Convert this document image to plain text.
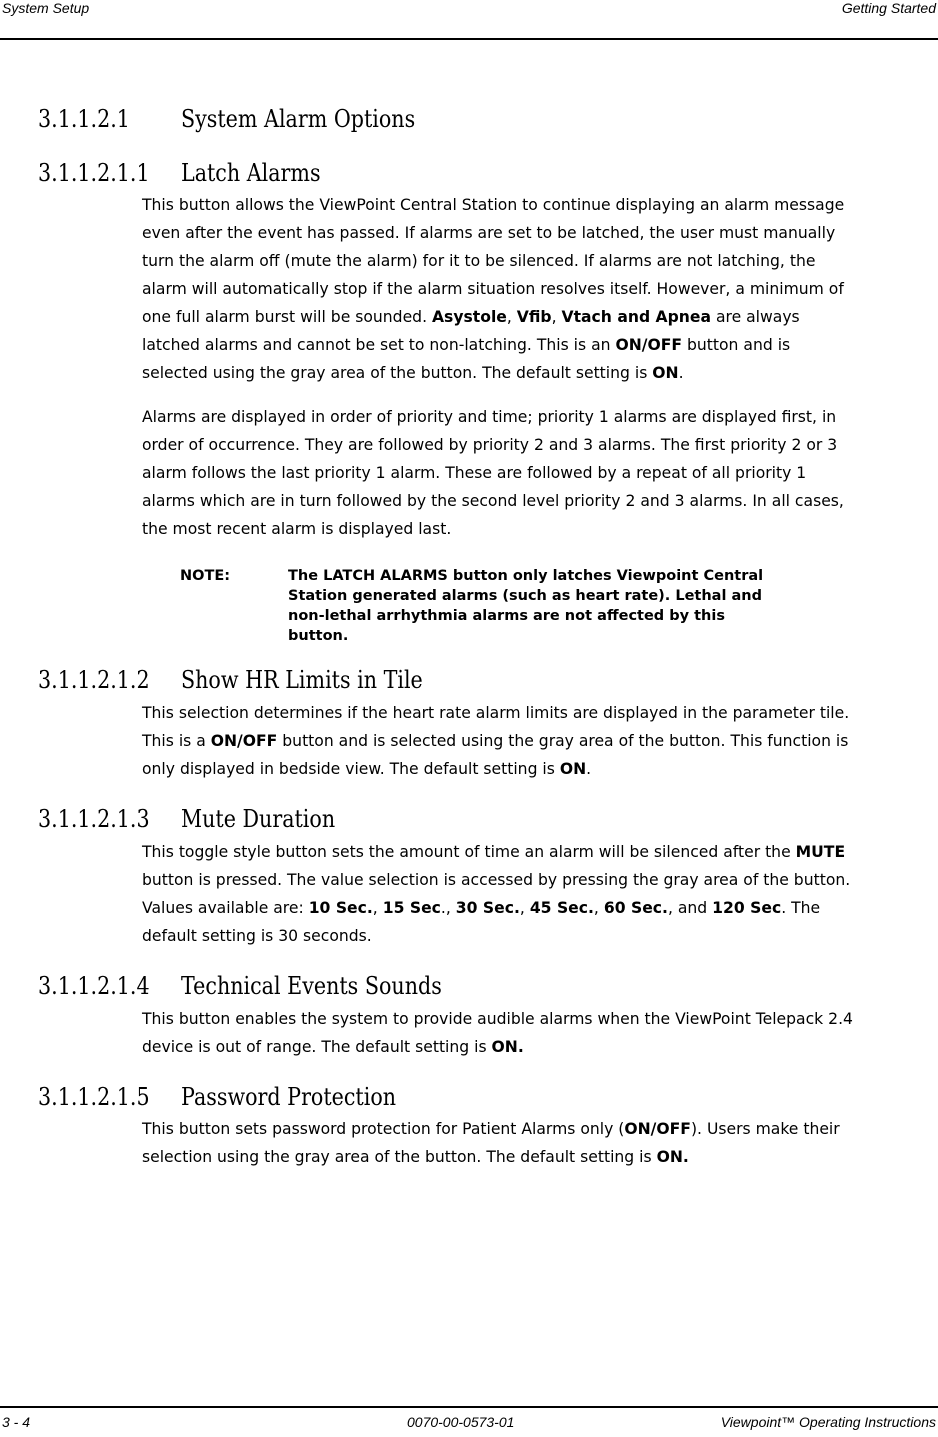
System Setup	Getting Started
3.1.1.2.1 System Alarm Options
3.1.1.2.1.1 Latch Alarms

This button allows the ViewPoint Central Station to continue displaying an alarm message even after the event has passed. If alarms are set to be latched, the user must manually turn the alarm off (mute the alarm) for it to be silenced. If alarms are not latching, the alarm will automatically stop if the alarm situation resolves itself. However, a minimum of one full alarm burst will be sounded. Asystole, Vfib, Vtach and Apnea are always latched alarms and cannot be set to non-latching. This is an ON/OFF button and is selected using the gray area of the button. The default setting is ON.

Alarms are displayed in order of priority and time; priority 1 alarms are displayed first, in order of occurrence. They are followed by priority 2 and 3 alarms. The first priority 2 or 3 alarm follows the last priority 1 alarm. These are followed by a repeat of all priority 1 alarms which are in turn followed by the second level priority 2 and 3 alarms. In all cases, the most recent alarm is displayed last.

NOTE:	The LATCH ALARMS button only latches Viewpoint Central Station generated alarms (such as heart rate). Lethal and non-lethal arrhythmia alarms are not affected by this button.
3.1.1.2.1.2 Show HR Limits in Tile

This selection determines if the heart rate alarm limits are displayed in the parameter tile. This is a ON/OFF button and is selected using the gray area of the button. This function is only displayed in bedside view. The default setting is ON.

3.1.1.2.1.3 Mute Duration

This toggle style button sets the amount of time an alarm will be silenced after the MUTE button is pressed. The value selection is accessed by pressing the gray area of the button. Values available are: 10 Sec., 15 Sec., 30 Sec., 45 Sec., 60 Sec., and 120 Sec. The default setting is 30 seconds.

3.1.1.2.1.4 Technical Events Sounds

This button enables the system to provide audible alarms when the ViewPoint Telepack 2.4 device is out of range. The default setting is ON.

3.1.1.2.1.5 Password Protection

This button sets password protection for Patient Alarms only (ON/OFF). Users make their selection using the gray area of the button. The default setting is ON.

3 - 4	0070-00-0573-01	Viewpoint™ Operating Instructions
